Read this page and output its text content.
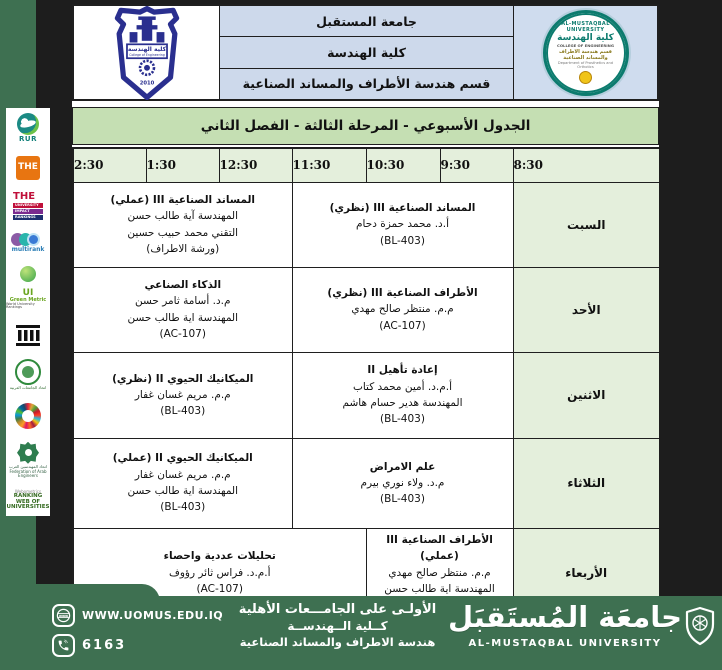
RUR
THE
THE
UNIVERSITY
IMPACT
RANKINGS
multirank
UI
Green Metric
World University Rankings
اتحاد الجامعات العربية
اتحاد المهندسين العرب
Federation of Arab Engineers
Webometrics
RANKING WEB OF UNIVERSITIES
كلية الهندسة
College of Engineering
2010
جامعة المستقبل
كلية الهندسة
قسم هندسة الأطراف والمساند الصناعية
AL-MUSTAQBAL UNIVERSITY
كلية الهندسة
COLLEGE OF ENGINEERING
قسم هندسة الاطراف والمساند الصناعية
Department of Prosthetics and Orthotics
الجدول الأسبوعي - المرحلة الثالثة - الفصل الثاني
2:30	1:30	12:30	11:30	10:30	9:30	8:30

المساند الصناعية III (عملي)
المهندسة آية طالب حسن
التقني محمد حبيب حسين
(ورشة الاطراف)

المساند الصناعية III (نظري)
أ.د. محمد حمزة دحام
(BL-403)
	السبت

الذكاء الصناعي
م.د. أسامة ثامر حسن
المهندسة اية طالب حسن
(AC-107)

الأطراف الصناعية III (نظري)
م.م. منتظر صالح مهدي
(AC-107)
	الأحد

الميكانيك الحيوي II (نظري)
م.م. مريم غسان غفار
(BL-403)

إعادة تأهيل II
أ.م.د. أمين محمد كتاب
المهندسة هدير حسام هاشم
(BL-403)
	الاثنين

الميكانيك الحيوي II (عملي)
م.م. مريم غسان غفار
المهندسة اية طالب حسن
(BL-403)

علم الامراض
م.د. ولاء نوري بيرم
(BL-403)
	الثلاثاء

تحليلات عددية واحصاء
أ.م.د. فراس ثائر رؤوف
(AC-107)

الأطراف الصناعية III (عملي)
م.م. منتظر صالح مهدي
المهندسة اية طالب حسن
	الأربعاء
www WWW.UOMUS.EDU.IQ
6163
الأولـى على الجامـــعات الأهلية
كــلية الــهندســة
هندسة الاطراف والمساند الصناعية
جامعَة المُستَقبَل
AL-MUSTAQBAL UNIVERSITY
